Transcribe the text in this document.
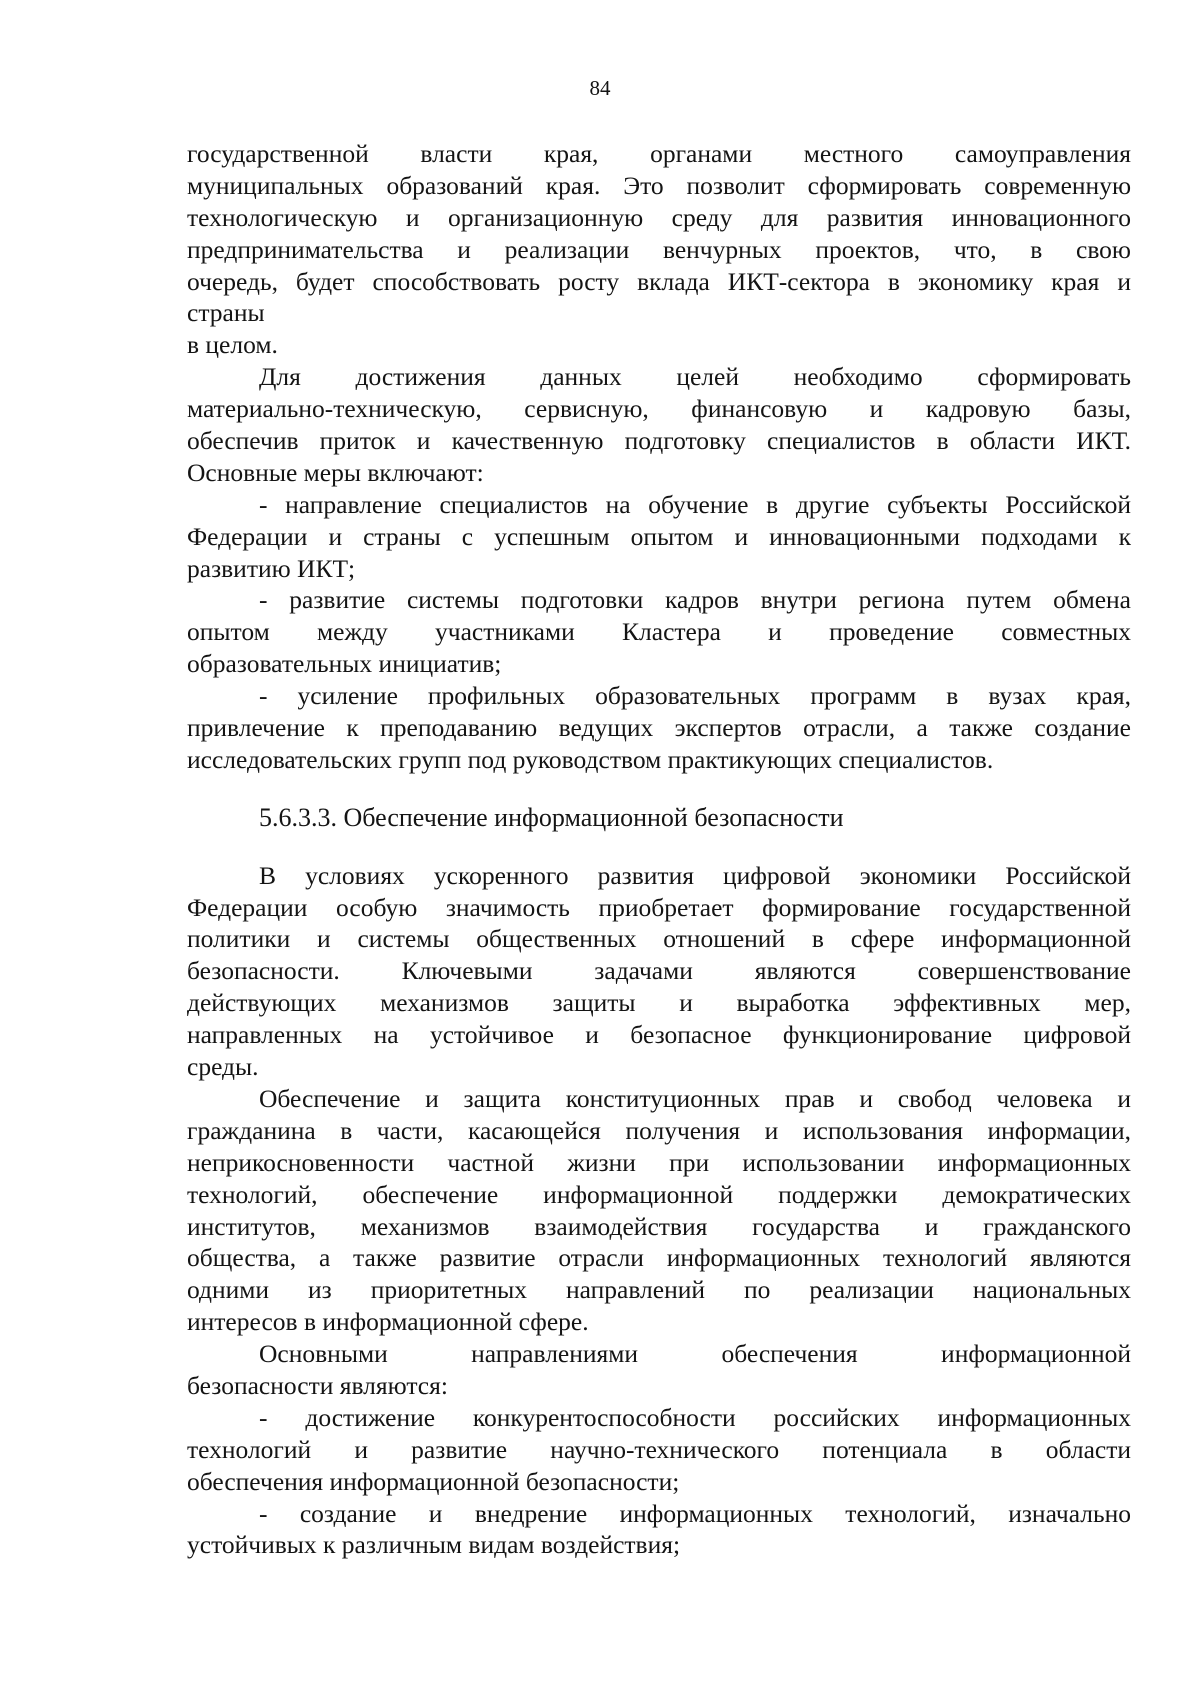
84
государственной власти края, органами местного самоуправления
муниципальных образований края. Это позволит сформировать современную
технологическую и организационную среду для развития инновационного
предпринимательства и реализации венчурных проектов, что, в свою
очередь, будет способствовать росту вклада ИКТ-сектора в экономику края и
страны
в целом.
Для достижения данных целей необходимо сформировать
материально-техническую, сервисную, финансовую и кадровую базы,
обеспечив приток и качественную подготовку специалистов в области ИКТ.
Основные меры включают:
- направление специалистов на обучение в другие субъекты Российской
Федерации и страны с успешным опытом и инновационными подходами к
развитию ИКТ;
- развитие системы подготовки кадров внутри региона путем обмена
опытом между участниками Кластера и проведение совместных
образовательных инициатив;
- усиление профильных образовательных программ в вузах края,
привлечение к преподаванию ведущих экспертов отрасли, а также создание
исследовательских групп под руководством практикующих специалистов.
5.6.3.3. Обеспечение информационной безопасности
В условиях ускоренного развития цифровой экономики Российской
Федерации особую значимость приобретает формирование государственной
политики и системы общественных отношений в сфере информационной
безопасности. Ключевыми задачами являются совершенствование
действующих механизмов защиты и выработка эффективных мер,
направленных на устойчивое и безопасное функционирование цифровой
среды.
Обеспечение и защита конституционных прав и свобод человека и
гражданина в части, касающейся получения и использования информации,
неприкосновенности частной жизни при использовании информационных
технологий, обеспечение информационной поддержки демократических
институтов, механизмов взаимодействия государства и гражданского
общества, а также развитие отрасли информационных технологий являются
одними из приоритетных направлений по реализации национальных
интересов в информационной сфере.
Основными направлениями обеспечения информационной
безопасности являются:
- достижение конкурентоспособности российских информационных
технологий и развитие научно-технического потенциала в области
обеспечения информационной безопасности;
- создание и внедрение информационных технологий, изначально
устойчивых к различным видам воздействия;
